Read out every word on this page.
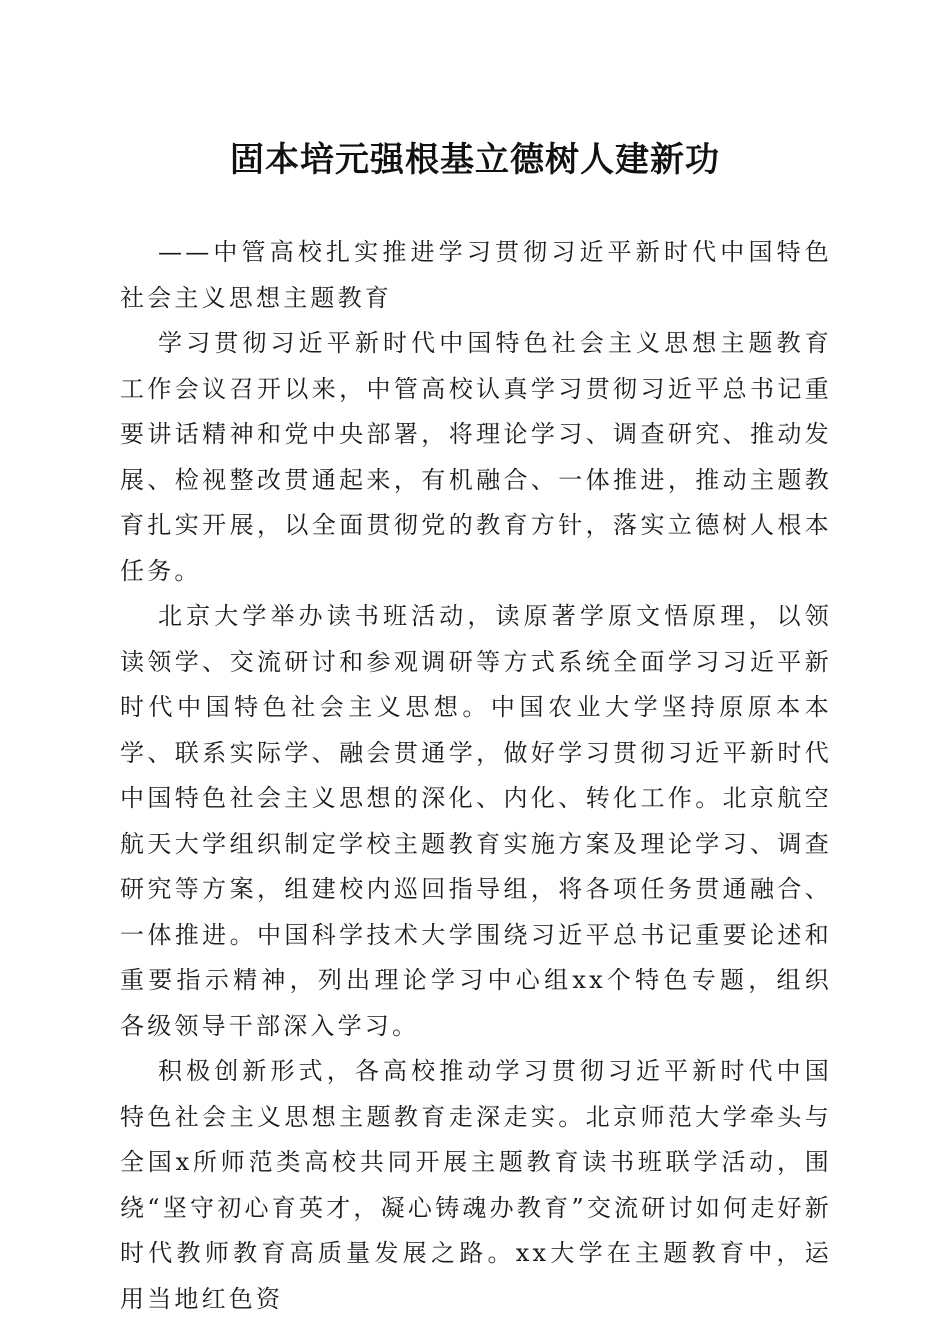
固本培元强根基立德树人建新功

——中管高校扎实推进学习贯彻习近平新时代中国特色社会主义思想主题教育

学习贯彻习近平新时代中国特色社会主义思想主题教育工作会议召开以来，中管高校认真学习贯彻习近平总书记重要讲话精神和党中央部署，将理论学习、调查研究、推动发展、检视整改贯通起来，有机融合、一体推进，推动主题教育扎实开展，以全面贯彻党的教育方针，落实立德树人根本任务。

北京大学举办读书班活动，读原著学原文悟原理，以领读领学、交流研讨和参观调研等方式系统全面学习习近平新时代中国特色社会主义思想。中国农业大学坚持原原本本学、联系实际学、融会贯通学，做好学习贯彻习近平新时代中国特色社会主义思想的深化、内化、转化工作。北京航空航天大学组织制定学校主题教育实施方案及理论学习、调查研究等方案，组建校内巡回指导组，将各项任务贯通融合、一体推进。中国科学技术大学围绕习近平总书记重要论述和重要指示精神，列出理论学习中心组xx个特色专题，组织各级领导干部深入学习。

积极创新形式，各高校推动学习贯彻习近平新时代中国特色社会主义思想主题教育走深走实。北京师范大学牵头与全国x所师范类高校共同开展主题教育读书班联学活动，围绕“坚守初心育英才，凝心铸魂办教育”交流研讨如何走好新时代教师教育高质量发展之路。xx大学在主题教育中，运用当地红色资
